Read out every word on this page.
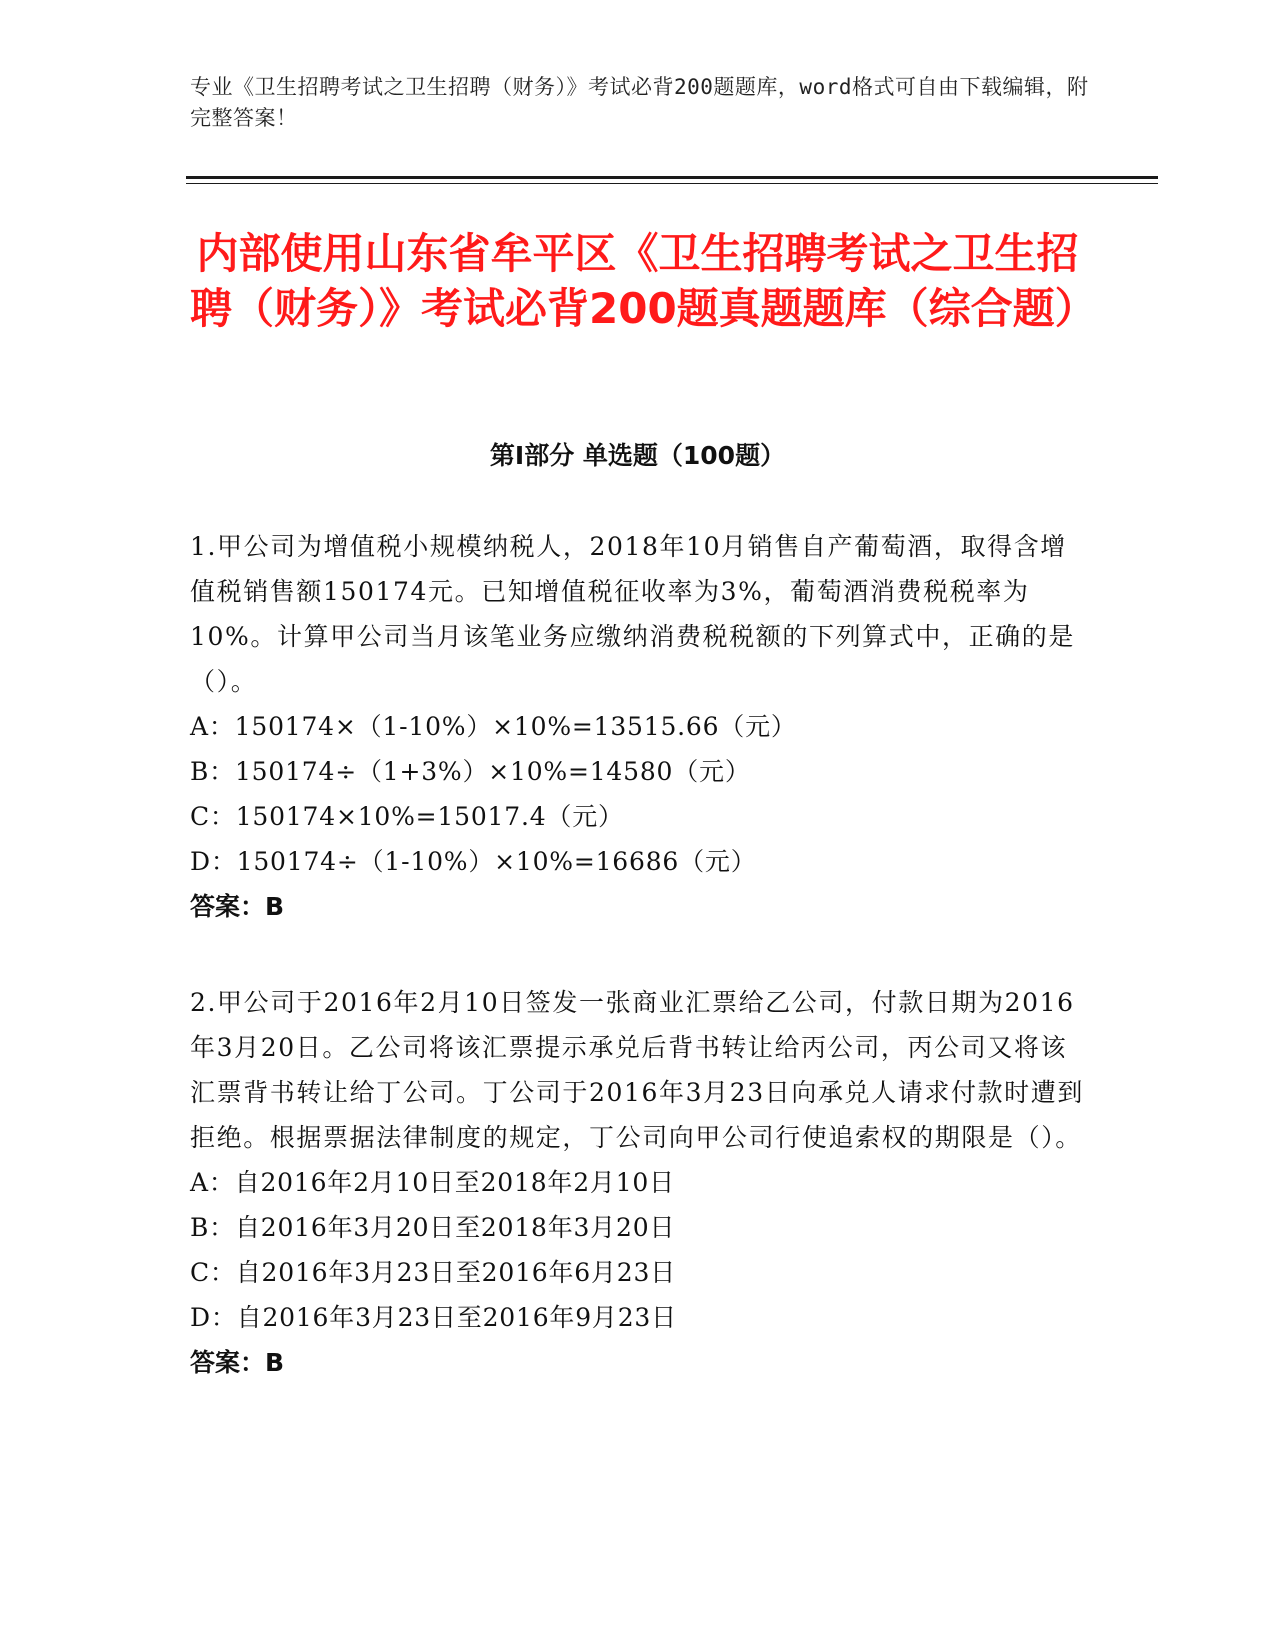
专业《卫生招聘考试之卫生招聘（财务）》考试必背200题题库，word格式可自由下载编辑，附完整答案！
内部使用山东省牟平区《卫生招聘考试之卫生招聘（财务）》考试必背200题真题题库（综合题）
第I部分 单选题（100题）

1.甲公司为增值税小规模纳税人，2018年10月销售自产葡萄酒，取得含增值税销售额150174元。已知增值税征收率为3%，葡萄酒消费税税率为10%。计算甲公司当月该笔业务应缴纳消费税税额的下列算式中，正确的是（）。

A：150174×（1-10%）×10%=13515.66（元）

B：150174÷（1+3%）×10%=14580（元）

C：150174×10%=15017.4（元）

D：150174÷（1-10%）×10%=16686（元）

答案：B

2.甲公司于2016年2月10日签发一张商业汇票给乙公司，付款日期为2016年3月20日。乙公司将该汇票提示承兑后背书转让给丙公司，丙公司又将该汇票背书转让给丁公司。丁公司于2016年3月23日向承兑人请求付款时遭到拒绝。根据票据法律制度的规定，丁公司向甲公司行使追索权的期限是（）。

A：自2016年2月10日至2018年2月10日

B：自2016年3月20日至2018年3月20日

C：自2016年3月23日至2016年6月23日

D：自2016年3月23日至2016年9月23日

答案：B
